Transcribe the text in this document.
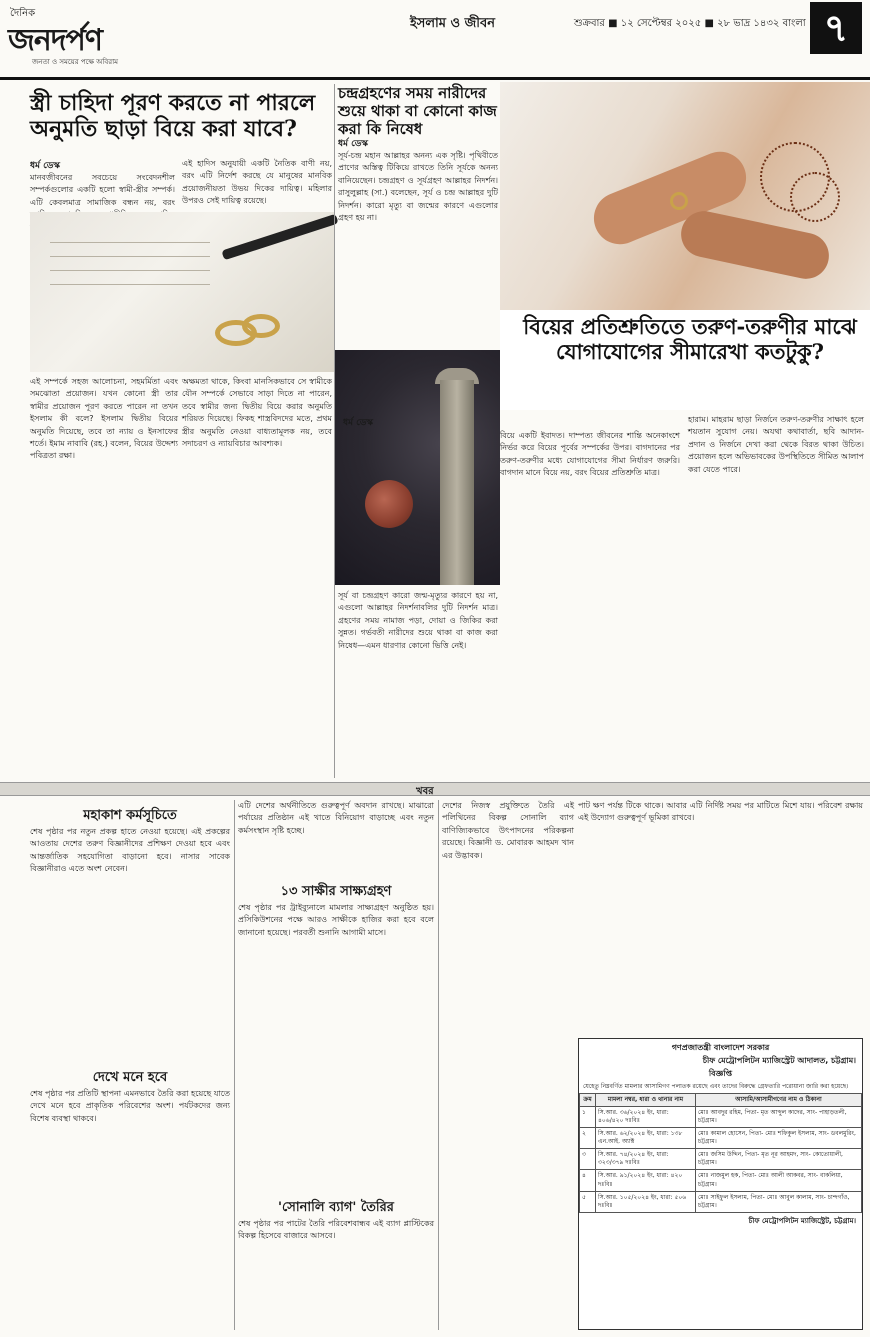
দৈনিক
জনদর্পণ
জনতা ও সময়ের পক্ষে অবিরাম
ইসলাম ও জীবন	শুক্রবার ■ ১২ সেপ্টেম্বর ২০২৫ ■ ২৮ ভাদ্র ১৪৩২ বাংলা ৭
স্ত্রী চাহিদা পূরণ করতে না পারলে অনুমতি ছাড়া বিয়ে করা যাবে?
ধর্ম ডেস্ক
মানবজীবনের সবচেয়ে সংবেদনশীল সম্পর্কগুলোর একটি হলো স্বামী-স্ত্রীর সম্পর্ক। এটি কেবলমাত্র সামাজিক বন্ধন নয়, বরং
এই হাদিস অনুযায়ী একটি নৈতিক বাণী নয়, বরং এটি নির্দেশ করছে যে মানুষের মানবিক প্রয়োজনীয়তা উভয় দিকের দায়িত্ব। মহিলার উপরও সেই দায়িত্ব রয়েছে।
এই সম্পর্কে সহজ আলোচনা, সহমর্মিতা এবং সমঝোতা প্রয়োজন। যখন কোনো স্ত্রী তার স্বামীর প্রয়োজন পূরণ করতে পারেন না তখন ইসলাম কী বলে? ইসলাম দ্বিতীয় বিয়ের অনুমতি দিয়েছে, তবে তা ন্যায় ও ইনসাফের শর্তে। ইমাম নাবাবি (রহ.) বলেন, বিয়ের উদ্দেশ্য পবিত্রতা রক্ষা।
অক্ষমতা থাকে, কিংবা মানসিকভাবে সে স্বামীকে যৌন সম্পর্কে সেভাবে সাড়া দিতে না পারেন, তবে স্বামীর জন্য দ্বিতীয় বিয়ে করার অনুমতি শরিয়ত দিয়েছে। ফিকহ শাস্ত্রবিদদের মতে, প্রথম স্ত্রীর অনুমতি নেওয়া বাধ্যতামূলক নয়, তবে সদাচরণ ও ন্যায়বিচার আবশ্যক।
চন্দ্রগ্রহণের সময় নারীদের শুয়ে থাকা বা কোনো কাজ করা কি নিষেধ
ধর্ম ডেস্ক
সূর্য-চন্দ্র মহান আল্লাহর অনন্য এক সৃষ্টি। পৃথিবীতে প্রাণের অস্তিত্ব টিকিয়ে রাখতে তিনি সূর্যকে অনন্য বানিয়েছেন। চন্দ্রগ্রহণ ও সূর্যগ্রহণ আল্লাহর নিদর্শন। রাসুলুল্লাহ (সা.) বলেছেন, সূর্য ও চন্দ্র আল্লাহর দুটি নিদর্শন। কারো মৃত্যু বা জন্মের কারণে এগুলোর গ্রহণ হয় না।
সূর্য বা চন্দ্রগ্রহণ কারো জন্ম-মৃত্যুর কারণে হয় না, এগুলো আল্লাহর নিদর্শনাবলির দুটি নিদর্শন মাত্র। গ্রহণের সময় নামাজ পড়া, দোয়া ও জিকির করা সুন্নত। গর্ভবতী নারীদের শুয়ে থাকা বা কাজ করা নিষেধ—এমন ধারণার কোনো ভিত্তি নেই।
বিয়ের প্রতিশ্রুতিতে তরুণ-তরুণীর মাঝে যোগাযোগের সীমারেখা কতটুকু?
ধর্ম ডেস্ক
বিয়ে একটি ইবাদত। দাম্পত্য জীবনের শান্তি অনেকাংশে নির্ভর করে বিয়ের পূর্বের সম্পর্কের উপর। বাগদানের পর তরুণ-তরুণীর মধ্যে যোগাযোগের সীমা নির্ধারণ জরুরি। বাগদান মানে বিয়ে নয়, বরং বিয়ের প্রতিশ্রুতি মাত্র।
হারাম। মাহরাম ছাড়া নির্জনে তরুণ-তরুণীর সাক্ষাৎ হলে শয়তান সুযোগ নেয়। অযথা কথাবার্তা, ছবি আদান-প্রদান ও নির্জনে দেখা করা থেকে বিরত থাকা উচিত। প্রয়োজন হলে অভিভাবকের উপস্থিতিতে সীমিত আলাপ করা যেতে পারে।
খবর
মহাকাশ কর্মসূচিতে
শেষ পৃষ্ঠার পর নতুন প্রকল্প হাতে নেওয়া হয়েছে। এই প্রকল্পের আওতায় দেশের তরুণ বিজ্ঞানীদের প্রশিক্ষণ দেওয়া হবে এবং আন্তর্জাতিক সহযোগিতা বাড়ানো হবে। নাসার সাবেক বিজ্ঞানীরাও এতে অংশ নেবেন।
দেখে মনে হবে
শেষ পৃষ্ঠার পর প্রতিটি স্থাপনা এমনভাবে তৈরি করা হয়েছে যাতে দেখে মনে হবে প্রাকৃতিক পরিবেশের অংশ। পর্যটকদের জন্য বিশেষ ব্যবস্থা থাকবে।
এটি দেশের অর্থনীতিতে গুরুত্বপূর্ণ অবদান রাখছে। মাঝারো পর্যায়ের প্রতিষ্ঠান এই খাতে বিনিয়োগ বাড়াচ্ছে এবং নতুন কর্মসংস্থান সৃষ্টি হচ্ছে।
১৩ সাক্ষীর সাক্ষ্যগ্রহণ
শেষ পৃষ্ঠার পর ট্রাইব্যুনালে মামলার সাক্ষ্যগ্রহণ অনুষ্ঠিত হয়। প্রসিকিউশনের পক্ষে আরও সাক্ষীকে হাজির করা হবে বলে জানানো হয়েছে। পরবর্তী শুনানি আগামী মাসে।
'সোনালি ব্যাগ' তৈরির
শেষ পৃষ্ঠার পর পাটের তৈরি পরিবেশবান্ধব এই ব্যাগ প্লাস্টিকের বিকল্প হিসেবে বাজারে আসবে।
দেশের নিজস্ব প্রযুক্তিতে তৈরি এই পলিথিনের বিকল্প সোনালি ব্যাগ বাণিজ্যিকভাবে উৎপাদনের পরিকল্পনা রয়েছে। বিজ্ঞানী ড. মোবারক আহমদ খান এর উদ্ভাবক।
পাট ক্ষণ পর্যন্ত টিকে থাকে। আবার এটি নির্দিষ্ট সময় পর মাটিতে মিশে যায়। পরিবেশ রক্ষায় এই উদ্যোগ গুরুত্বপূর্ণ ভূমিকা রাখবে।
গণপ্রজাতন্ত্রী বাংলাদেশ সরকার
চীফ মেট্রোপলিটন ম্যাজিস্ট্রেট আদালত, চট্টগ্রাম।
বিজ্ঞপ্তি
যেহেতু নিম্নবর্ণিত মামলার আসামিগণ পলাতক রয়েছে এবং তাদের বিরুদ্ধে গ্রেফতারি পরোয়ানা জারি করা হয়েছে।
ক্রম	মামলা নম্বর, ধারা ও থানার নাম	আসামি/আসামীগণের নাম ও ঠিকানা
১	সি.আর. ৩৬/২০২৪ ইং, ধারা: ৪০৬/৪২০ দঃবিঃ	মোঃ আবদুর রহিম, পিতা- মৃত আব্দুল কাদের, সাং- পাহাড়তলী, চট্টগ্রাম।
২	সি.আর. ৬২/২০২৪ ইং, ধারা: ১৩৮ এন.আই. অ্যাক্ট	মোঃ কামাল হোসেন, পিতা- মোঃ শফিকুল ইসলাম, সাং- ডবলমুরিং, চট্টগ্রাম।
৩	সি.আর. ৭৪/২০২৪ ইং, ধারা: ৩২৩/৩৭৯ দঃবিঃ	মোঃ জসিম উদ্দিন, পিতা- মৃত নূর আহমদ, সাং- কোতোয়ালী, চট্টগ্রাম।
৪	সি.আর. ৯১/২০২৪ ইং, ধারা: ৪২০ দঃবিঃ	মোঃ নাজমুল হক, পিতা- মোঃ আলী আকবর, সাং- বাকলিয়া, চট্টগ্রাম।
৫	সি.আর. ১০৫/২০২৪ ইং, ধারা: ৫০৬ দঃবিঃ	মোঃ সাইফুল ইসলাম, পিতা- মোঃ আবুল কালাম, সাং- চান্দগাঁও, চট্টগ্রাম।
চীফ মেট্রোপলিটন ম্যাজিস্ট্রেট, চট্টগ্রাম।
